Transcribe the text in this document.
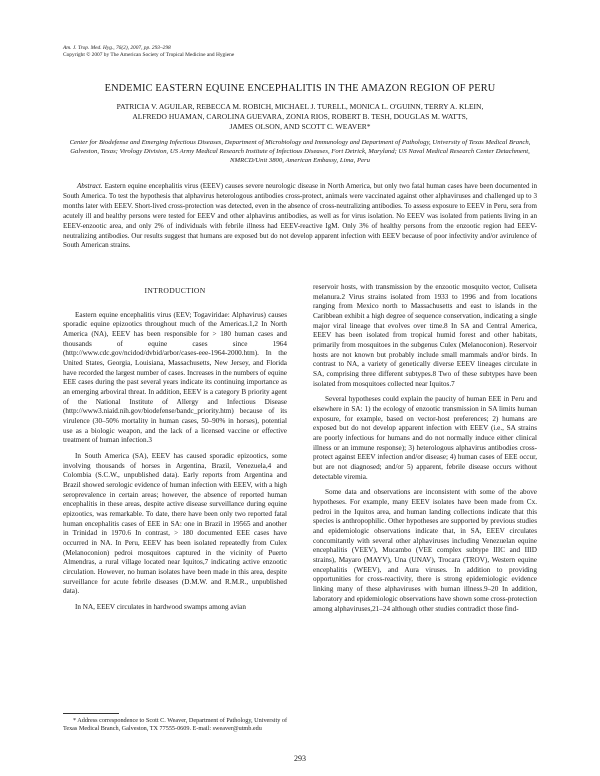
Am. J. Trop. Med. Hyg., 76(2), 2007, pp. 293–298
Copyright © 2007 by The American Society of Tropical Medicine and Hygiene
ENDEMIC EASTERN EQUINE ENCEPHALITIS IN THE AMAZON REGION OF PERU
PATRICIA V. AGUILAR, REBECCA M. ROBICH, MICHAEL J. TURELL, MONICA L. O'GUINN, TERRY A. KLEIN,
ALFREDO HUAMAN, CAROLINA GUEVARA, ZONIA RIOS, ROBERT B. TESH, DOUGLAS M. WATTS,
JAMES OLSON, AND SCOTT C. WEAVER*
Center for Biodefense and Emerging Infectious Diseases, Department of Microbiology and Immunology and Department of Pathology, University of Texas Medical Branch, Galveston, Texas; Virology Division, US Army Medical Research Institute of Infectious Diseases, Fort Detrick, Maryland; US Naval Medical Research Center Detachment, NMRCD/Unit 3800, American Embassy, Lima, Peru
Abstract. Eastern equine encephalitis virus (EEEV) causes severe neurologic disease in North America, but only two fatal human cases have been documented in South America. To test the hypothesis that alphavirus heterologous antibodies cross-protect, animals were vaccinated against other alphaviruses and challenged up to 3 months later with EEEV. Short-lived cross-protection was detected, even in the absence of cross-neutralizing antibodies. To assess exposure to EEEV in Peru, sera from acutely ill and healthy persons were tested for EEEV and other alphavirus antibodies, as well as for virus isolation. No EEEV was isolated from patients living in an EEEV-enzootic area, and only 2% of individuals with febrile illness had EEEV-reactive IgM. Only 3% of healthy persons from the enzootic region had EEEV-neutralizing antibodies. Our results suggest that humans are exposed but do not develop apparent infection with EEEV because of poor infectivity and/or avirulence of South American strains.

INTRODUCTION

Eastern equine encephalitis virus (EEV; Togaviridae: Alphavirus) causes sporadic equine epizootics throughout much of the Americas.1,2 In North America (NA), EEEV has been responsible for > 180 human cases and thousands of equine cases since 1964 (http://www.cdc.gov/ncidod/dvbid/arbor/cases-eee-1964-2000.htm). In the United States, Georgia, Louisiana, Massachusetts, New Jersey, and Florida have recorded the largest number of cases. Increases in the numbers of equine EEE cases during the past several years indicate its continuing importance as an emerging arboviral threat. In addition, EEEV is a category B priority agent of the National Institute of Allergy and Infectious Disease (http://www3.niaid.nih.gov/biodefense/bandc_priority.htm) because of its virulence (30–50% mortality in human cases, 50–90% in horses), potential use as a biologic weapon, and the lack of a licensed vaccine or effective treatment of human infection.3

In South America (SA), EEEV has caused sporadic epizootics, some involving thousands of horses in Argentina, Brazil, Venezuela,4 and Colombia (S.C.W., unpublished data). Early reports from Argentina and Brazil showed serologic evidence of human infection with EEEV, with a high seroprevalence in certain areas; however, the absence of reported human encephalitis in these areas, despite active disease surveillance during equine epizootics, was remarkable. To date, there have been only two reported fatal human encephalitis cases of EEE in SA: one in Brazil in 19565 and another in Trinidad in 1970.6 In contrast, > 180 documented EEE cases have occurred in NA. In Peru, EEEV has been isolated repeatedly from Culex (Melanoconion) pedroi mosquitoes captured in the vicinity of Puerto Almendras, a rural village located near Iquitos,7 indicating active enzootic circulation. However, no human isolates have been made in this area, despite surveillance for acute febrile diseases (D.M.W. and R.M.R., unpublished data).

In NA, EEEV circulates in hardwood swamps among avian

reservoir hosts, with transmission by the enzootic mosquito vector, Culiseta melanura.2 Virus strains isolated from 1933 to 1996 and from locations ranging from Mexico north to Massachusetts and east to islands in the Caribbean exhibit a high degree of sequence conservation, indicating a single major viral lineage that evolves over time.8 In SA and Central America, EEEV has been isolated from tropical humid forest and other habitats, primarily from mosquitoes in the subgenus Culex (Melanoconion). Reservoir hosts are not known but probably include small mammals and/or birds. In contrast to NA, a variety of genetically diverse EEEV lineages circulate in SA, comprising three different subtypes.8 Two of these subtypes have been isolated from mosquitoes collected near Iquitos.7

Several hypotheses could explain the paucity of human EEE in Peru and elsewhere in SA: 1) the ecology of enzootic transmission in SA limits human exposure, for example, based on vector-host preferences; 2) humans are exposed but do not develop apparent infection with EEEV (i.e., SA strains are poorly infectious for humans and do not normally induce either clinical illness or an immune response); 3) heterologous alphavirus antibodies cross-protect against EEEV infection and/or disease; 4) human cases of EEE occur, but are not diagnosed; and/or 5) apparent, febrile disease occurs without detectable viremia.

Some data and observations are inconsistent with some of the above hypotheses. For example, many EEEV isolates have been made from Cx. pedroi in the Iquitos area, and human landing collections indicate that this species is anthropophilic. Other hypotheses are supported by previous studies and epidemiologic observations indicate that, in SA, EEEV circulates concomitantly with several other alphaviruses including Venezuelan equine encephalitis (VEEV), Mucambo (VEE complex subtype IIIC and IIID strains), Mayaro (MAYV), Una (UNAV), Trocara (TROV), Western equine encephalitis (WEEV), and Aura viruses. In addition to providing opportunities for cross-reactivity, there is strong epidemiologic evidence linking many of these alphaviruses with human illness.9–20 In addition, laboratory and epidemiologic observations have shown some cross-protection among alphaviruses,21–24 although other studies contradict those find-

* Address correspondence to Scott C. Weaver, Department of Pathology, University of Texas Medical Branch, Galveston, TX 77555-0609. E-mail: sweaver@utmb.edu
293
